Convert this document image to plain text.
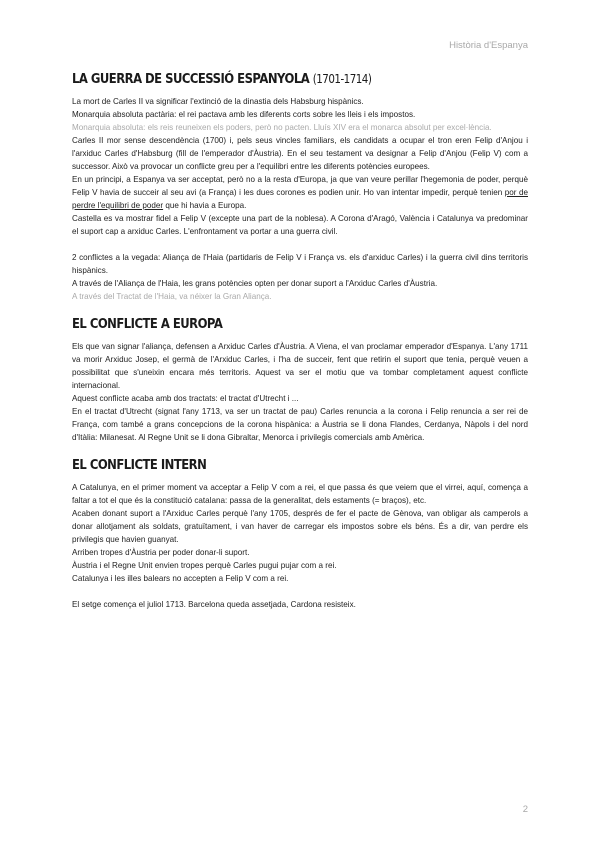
Història d'Espanya
LA GUERRA DE SUCCESSIÓ ESPANYOLA (1701-1714)

La mort de Carles II va significar l'extinció de la dinastia dels Habsburg hispànics.

Monarquia absoluta pactària: el rei pactava amb les diferents corts sobre les lleis i els impostos.

Monarquia absoluta: els reis reuneixen els poders, però no pacten. Lluís XIV era el monarca absolut per excel·lència.

Carles II mor sense descendència (1700) i, pels seus vincles familiars, els candidats a ocupar el tron eren Felip d'Anjou i l'arxiduc Carles d'Habsburg (fill de l'emperador d'Àustria). En el seu testament va designar a Felip d'Anjou (Felip V) com a successor. Això va provocar un conflicte greu per a l'equilibri entre les diferents potències europees.

En un principi, a Espanya va ser acceptat, però no a la resta d'Europa, ja que van veure perillar l'hegemonia de poder, perquè Felip V havia de succeir al seu avi (a França) i les dues corones es podien unir. Ho van intentar impedir, perquè tenien por de perdre l'equilibri de poder que hi havia a Europa.

Castella es va mostrar fidel a Felip V (excepte una part de la noblesa). A Corona d'Aragó, València i Catalunya va predominar el suport cap a arxiduc Carles. L'enfrontament va portar a una guerra civil.

2 conflictes a la vegada: Aliança de l'Haia (partidaris de Felip V i França vs. els d'arxiduc Carles) i la guerra civil dins territoris hispànics.

A través de l'Aliança de l'Haia, les grans potències opten per donar suport a l'Arxiduc Carles d'Àustria.

A través del Tractat de l'Haia, va néixer la Gran Aliança.

EL CONFLICTE A EUROPA

Els que van signar l'aliança, defensen a Arxiduc Carles d'Àustria. A Viena, el van proclamar emperador d'Espanya. L'any 1711 va morir Arxiduc Josep, el germà de l'Arxiduc Carles, i l'ha de succeir, fent que retirin el suport que tenia, perquè veuen a possibilitat que s'uneixin encara més territoris. Aquest va ser el motiu que va tombar completament aquest conflicte internacional.

Aquest conflicte acaba amb dos tractats: el tractat d'Utrecht i ...

En el tractat d'Utrecht (signat l'any 1713, va ser un tractat de pau) Carles renuncia a la corona i Felip renuncia a ser rei de França, com també a grans concepcions de la corona hispànica: a Àustria se li dona Flandes, Cerdanya, Nàpols i del nord d'Itàlia: Milanesat. Al Regne Unit se li dona Gibraltar, Menorca i privilegis comercials amb Amèrica.

EL CONFLICTE INTERN

A Catalunya, en el primer moment va acceptar a Felip V com a rei, el que passa és que veiem que el virrei, aquí, comença a faltar a tot el que és la constitució catalana: passa de la generalitat, dels estaments (= braços), etc.

Acaben donant suport a l'Arxiduc Carles perquè l'any 1705, després de fer el pacte de Gènova, van obligar als camperols a donar allotjament als soldats, gratuïtament, i van haver de carregar els impostos sobre els béns. És a dir, van perdre els privilegis que havien guanyat.

Arriben tropes d'Àustria per poder donar-li suport.

Àustria i el Regne Unit envien tropes perquè Carles pugui pujar com a rei.

Catalunya i les illes balears no accepten a Felip V com a rei.

El setge comença el juliol 1713. Barcelona queda assetjada, Cardona resisteix.

2
